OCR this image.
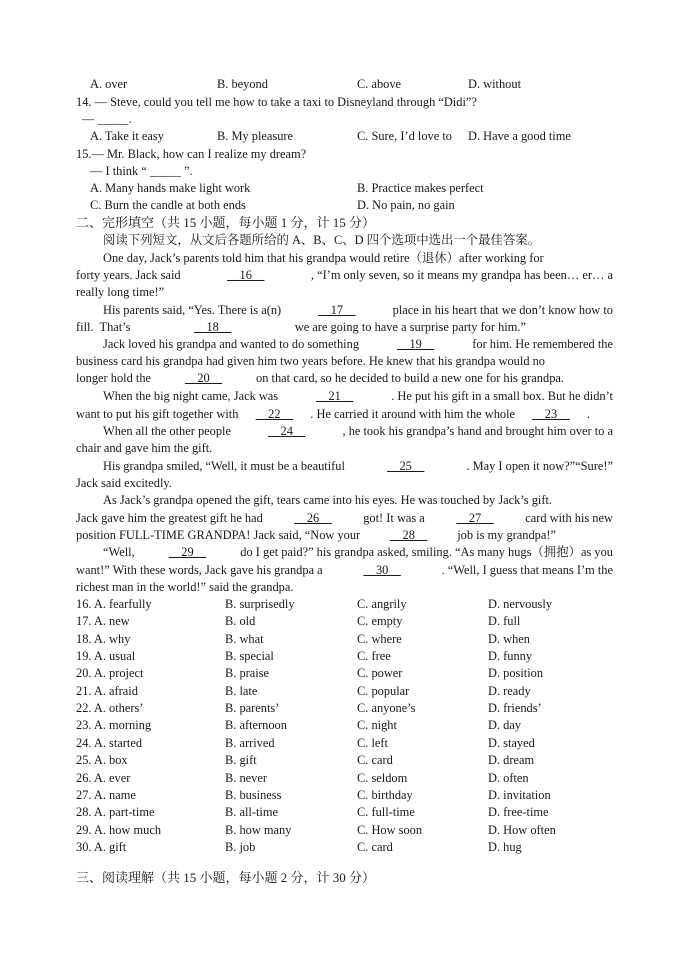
A. over	B. beyond	C. above	D. without
14. — Steve, could you tell me how to take a taxi to Disneyland through “Didi”?
— _____.
A. Take it easy	B. My pleasure	C. Sure, I’d love to D. Have a good time
15.— Mr. Black, how can I realize my dream?
— I think “ _____ ”.
A. Many hands make light work	B. Practice makes perfect
C. Burn the candle at both ends	D. No pain, no gain
二、完形填空（共 15 小题，每小题 1 分，计 15 分）
阅读下列短文，从文后各题所给的 A、B、C、D 四个选项中选出一个最佳答案。
One day, Jack’s parents told him that his grandpa would retire（退休）after working for
forty years. Jack said	__16__	, “I’m only seven, so it means my grandpa has been… er… a
really long time!”
His parents said, “Yes. There is a(n)	__17__	place in his heart that we don’t know how to
fill.  That’s	__18__	we are going to have a surprise party for him.”
Jack loved his grandpa and wanted to do something	__19__	for him. He remembered the
business card his grandpa had given him two years before. He knew that his grandpa would no
longer hold the	__20__	on that card, so he decided to build a new one for his grandpa.
When the big night came, Jack was	__21__	. He put his gift in a small box. But he didn’t
want to put his gift together with __22__ . He carried it around with him the whole __23__ .
When all the other people	__24__	, he took his grandpa’s hand and brought him over to a
chair and gave him the gift.
His grandpa smiled, “Well, it must be a beautiful	__25__	. May I open it now?”“Sure!”
Jack said excitedly.
As Jack’s grandpa opened the gift, tears came into his eyes. He was touched by Jack’s gift.
Jack gave him the greatest gift he had	__26__	got! It was a	__27__	card with his new
position FULL-TIME GRANDPA! Jack said, “Now your __28__ job is my grandpa!”
“Well,	__29__	do I get paid?” his grandpa asked, smiling. “As many hugs（拥抱）as you
want!” With these words, Jack gave his grandpa a	__30__	. “Well, I guess that means I’m the
richest man in the world!” said the grandpa.
16. A. fearfully	B. surprisedly	C. angrily	D. nervously
17. A. new	B. old	C. empty	D. full
18. A. why	B. what	C. where	D. when
19. A. usual	B. special	C. free	D. funny
20. A. project	B. praise	C. power	D. position
21. A. afraid	B. late	C. popular	D. ready
22. A. others’	B. parents’	C. anyone’s	D. friends’
23. A. morning	B. afternoon	C. night	D. day
24. A. started	B. arrived	C. left	D. stayed
25. A. box	B. gift	C. card	D. dream
26. A. ever	B. never	C. seldom	D. often
27. A. name	B. business	C. birthday	D. invitation
28. A. part-time	B. all-time	C. full-time	D. free-time
29. A. how much	B. how many	C. How soon	D. How often
30. A. gift	B. job	C. card	D. hug
三、阅读理解（共 15 小题，每小题 2 分，计 30 分）
